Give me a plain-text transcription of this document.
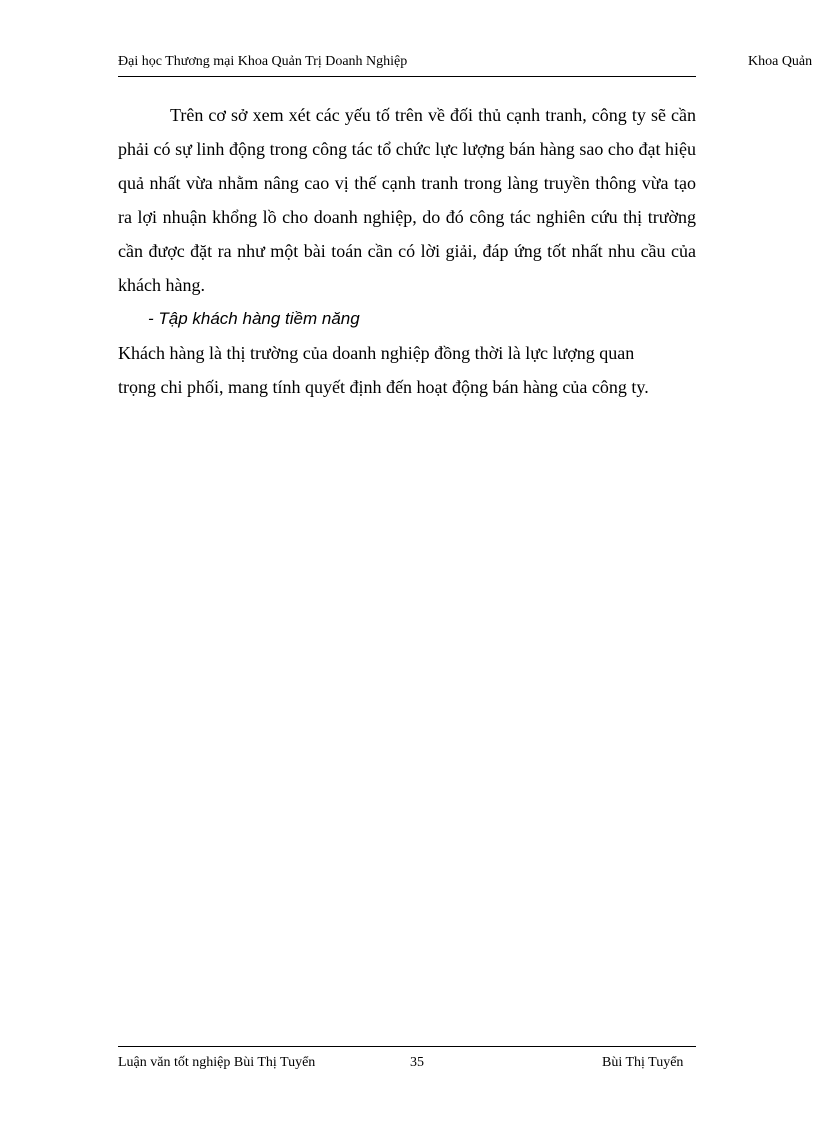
Đại học Thương mại Khoa Quản Trị Doanh Nghiệp	Khoa Quản

Trên cơ sở xem xét các yếu tố trên về đối thủ cạnh tranh, công ty sẽ cần phải có sự linh động trong công tác tổ chức lực lượng bán hàng sao cho đạt hiệu quả nhất vừa nhằm nâng cao vị thế cạnh tranh trong làng truyền thông vừa tạo ra lợi nhuận khổng lồ cho doanh nghiệp, do đó công tác nghiên cứu thị trường cần được đặt ra như một bài toán cần có lời giải, đáp ứng tốt nhất nhu cầu của khách hàng.

- Tập khách hàng tiềm năng

Khách hàng là thị trường của doanh nghiệp đồng thời là lực lượng quan

trọng chi phối, mang tính quyết định đến hoạt động bán hàng của công ty.

Luận văn tốt nghiệp Bùi Thị Tuyển	35	Bùi Thị Tuyển
